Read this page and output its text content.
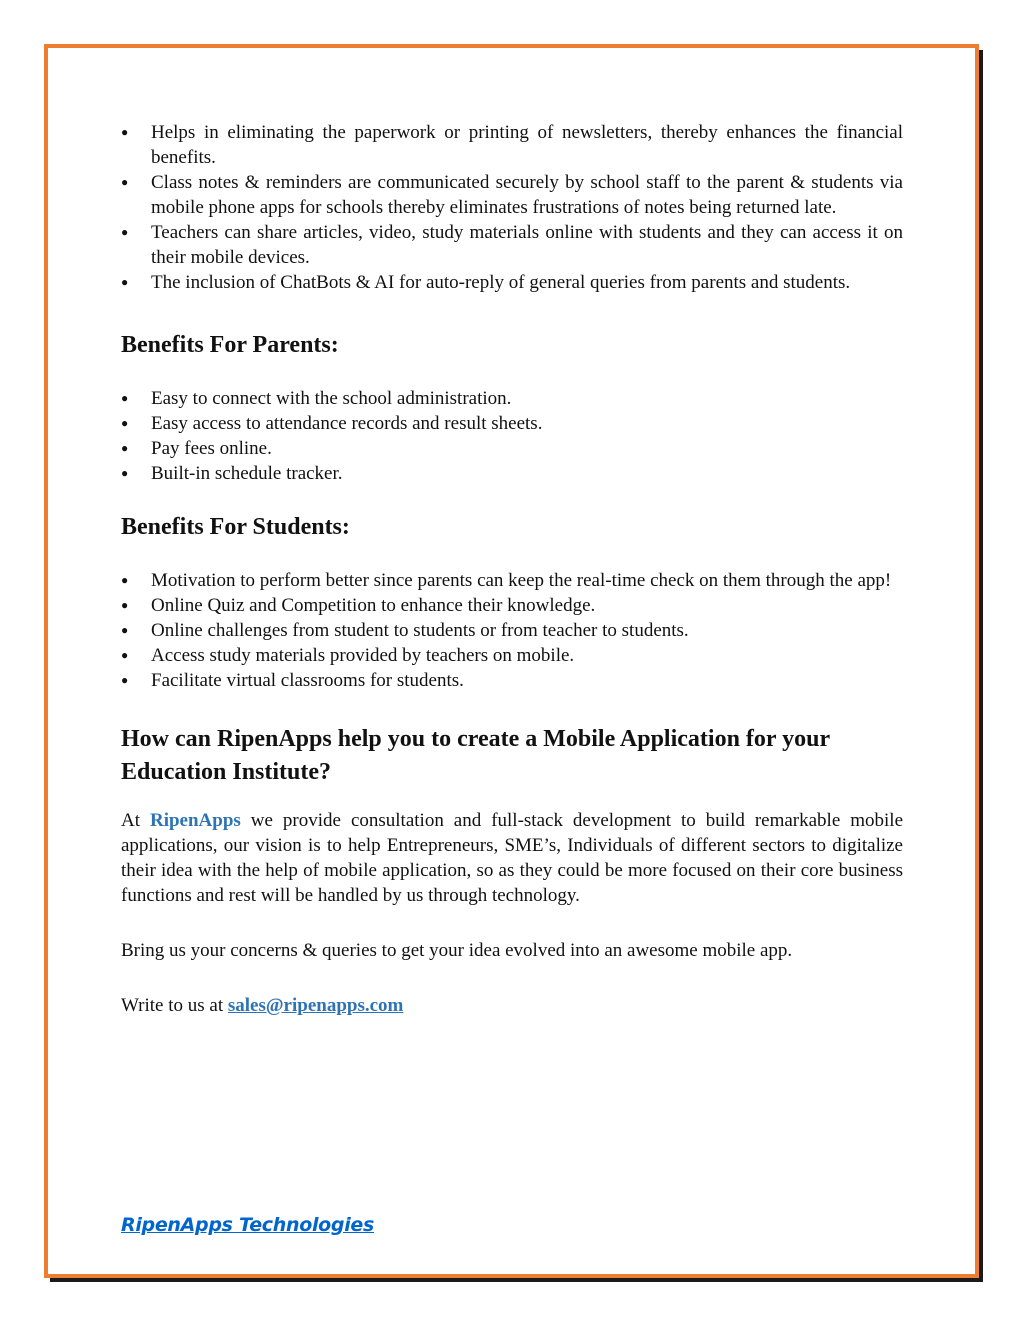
● Helps in eliminating the paperwork or printing of newsletters, thereby enhances the financial benefits.
● Class notes & reminders are communicated securely by school staff to the parent & students via mobile phone apps for schools thereby eliminates frustrations of notes being returned late.
● Teachers can share articles, video, study materials online with students and they can access it on their mobile devices.
● The inclusion of ChatBots & AI for auto-reply of general queries from parents and students.
Benefits For Parents:
● Easy to connect with the school administration.
● Easy access to attendance records and result sheets.
● Pay fees online.
● Built-in schedule tracker.
Benefits For Students:
● Motivation to perform better since parents can keep the real-time check on them through the app!
● Online Quiz and Competition to enhance their knowledge.
● Online challenges from student to students or from teacher to students.
● Access study materials provided by teachers on mobile.
● Facilitate virtual classrooms for students.
How can RipenApps help you to create a Mobile Application for your Education Institute?

At RipenApps we provide consultation and full-stack development to build remarkable mobile applications, our vision is to help Entrepreneurs, SME’s, Individuals of different sectors to digitalize their idea with the help of mobile application, so as they could be more focused on their core business functions and rest will be handled by us through technology.

Bring us your concerns & queries to get your idea evolved into an awesome mobile app.

Write to us at sales@ripenapps.com

RipenApps Technologies
